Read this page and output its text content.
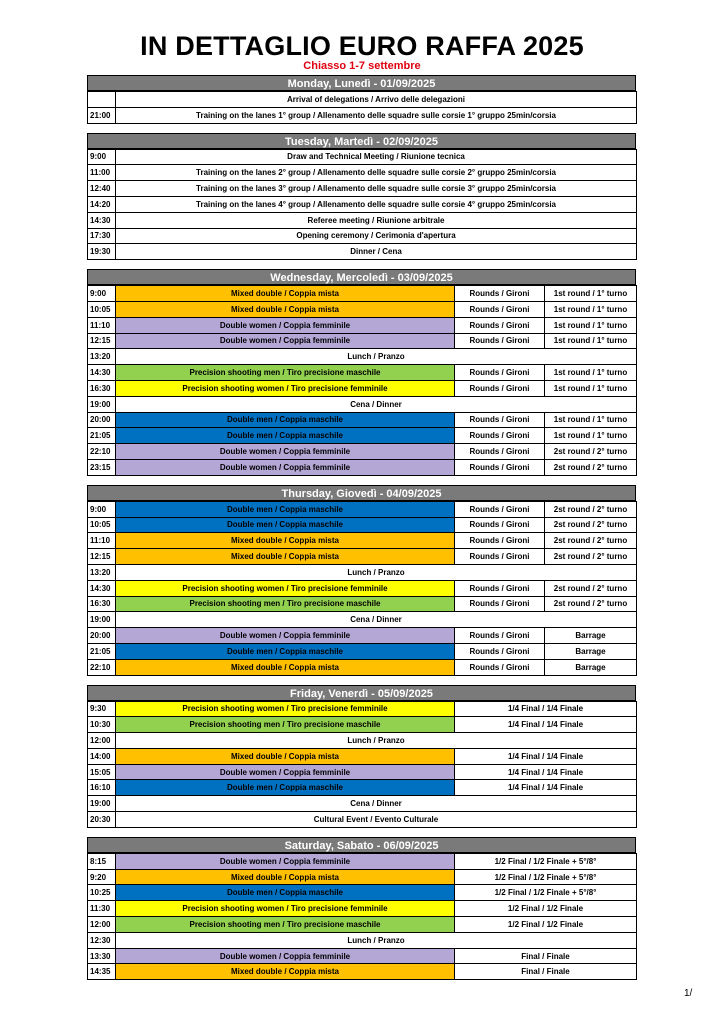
IN DETTAGLIO EURO RAFFA 2025
Chiasso 1-7 settembre
Monday, Lunedì - 01/09/2025
	Arrival of delegations / Arrivo delle delegazioni
21:00	Training on the lanes 1° group / Allenamento delle squadre sulle corsie 1° gruppo 25min/corsia
Tuesday, Martedì - 02/09/2025
9:00	Draw and Technical Meeting / Riunione tecnica
11:00	Training on the lanes 2° group / Allenamento delle squadre sulle corsie 2° gruppo 25min/corsia
12:40	Training on the lanes 3° group / Allenamento delle squadre sulle corsie 3° gruppo 25min/corsia
14:20	Training on the lanes 4° group / Allenamento delle squadre sulle corsie 4° gruppo 25min/corsia
14:30	Referee meeting / Riunione arbitrale
17:30	Opening ceremony / Cerimonia d'apertura
19:30	Dinner / Cena
Wednesday, Mercoledì - 03/09/2025
9:00	Mixed double / Coppia mista	Rounds / Gironi	1st round / 1° turno
10:05	Mixed double / Coppia mista	Rounds / Gironi	1st round / 1° turno
11:10	Double women / Coppia femminile	Rounds / Gironi	1st round / 1° turno
12:15	Double women / Coppia femminile	Rounds / Gironi	1st round / 1° turno
13:20	Lunch / Pranzo		
14:30	Precision shooting men / Tiro precisione maschile	Rounds / Gironi	1st round / 1° turno
16:30	Precision shooting women / Tiro precisione femminile	Rounds / Gironi	1st round / 1° turno
19:00	Cena / Dinner		
20:00	Double men / Coppia maschile	Rounds / Gironi	1st round / 1° turno
21:05	Double men / Coppia maschile	Rounds / Gironi	1st round / 1° turno
22:10	Double women / Coppia femminile	Rounds / Gironi	2st round / 2° turno
23:15	Double women / Coppia femminile	Rounds / Gironi	2st round / 2° turno
Thursday, Giovedì - 04/09/2025
9:00	Double men / Coppia maschile	Rounds / Gironi	2st round / 2° turno
10:05	Double men / Coppia maschile	Rounds / Gironi	2st round / 2° turno
11:10	Mixed double / Coppia mista	Rounds / Gironi	2st round / 2° turno
12:15	Mixed double / Coppia mista	Rounds / Gironi	2st round / 2° turno
13:20	Lunch / Pranzo		
14:30	Precision shooting women / Tiro precisione femminile	Rounds / Gironi	2st round / 2° turno
16:30	Precision shooting men / Tiro precisione maschile	Rounds / Gironi	2st round / 2° turno
19:00	Cena / Dinner		
20:00	Double women / Coppia femminile	Rounds / Gironi	Barrage
21:05	Double men / Coppia maschile	Rounds / Gironi	Barrage
22:10	Mixed double / Coppia mista	Rounds / Gironi	Barrage
Friday, Venerdì - 05/09/2025
9:30	Precision shooting women / Tiro precisione femminile	1/4 Final / 1/4 Finale
10:30	Precision shooting men / Tiro precisione maschile	1/4 Final / 1/4 Finale
12:00	Lunch / Pranzo	
14:00	Mixed double / Coppia mista	1/4 Final / 1/4 Finale
15:05	Double women / Coppia femminile	1/4 Final / 1/4 Finale
16:10	Double men / Coppia maschile	1/4 Final / 1/4 Finale
19:00	Cena / Dinner	
20:30	Cultural Event / Evento Culturale	
Saturday, Sabato - 06/09/2025
8:15	Double women / Coppia femminile	1/2 Final / 1/2 Finale + 5°/8°
9:20	Mixed double / Coppia mista	1/2 Final / 1/2 Finale + 5°/8°
10:25	Double men / Coppia maschile	1/2 Final / 1/2 Finale + 5°/8°
11:30	Precision shooting women / Tiro precisione femminile	1/2 Final / 1/2 Finale
12:00	Precision shooting men / Tiro precisione maschile	1/2 Final / 1/2 Finale
12:30	Lunch / Pranzo	
13:30	Double women / Coppia femminile	Final / Finale
14:35	Mixed double / Coppia mista	Final / Finale
1/
